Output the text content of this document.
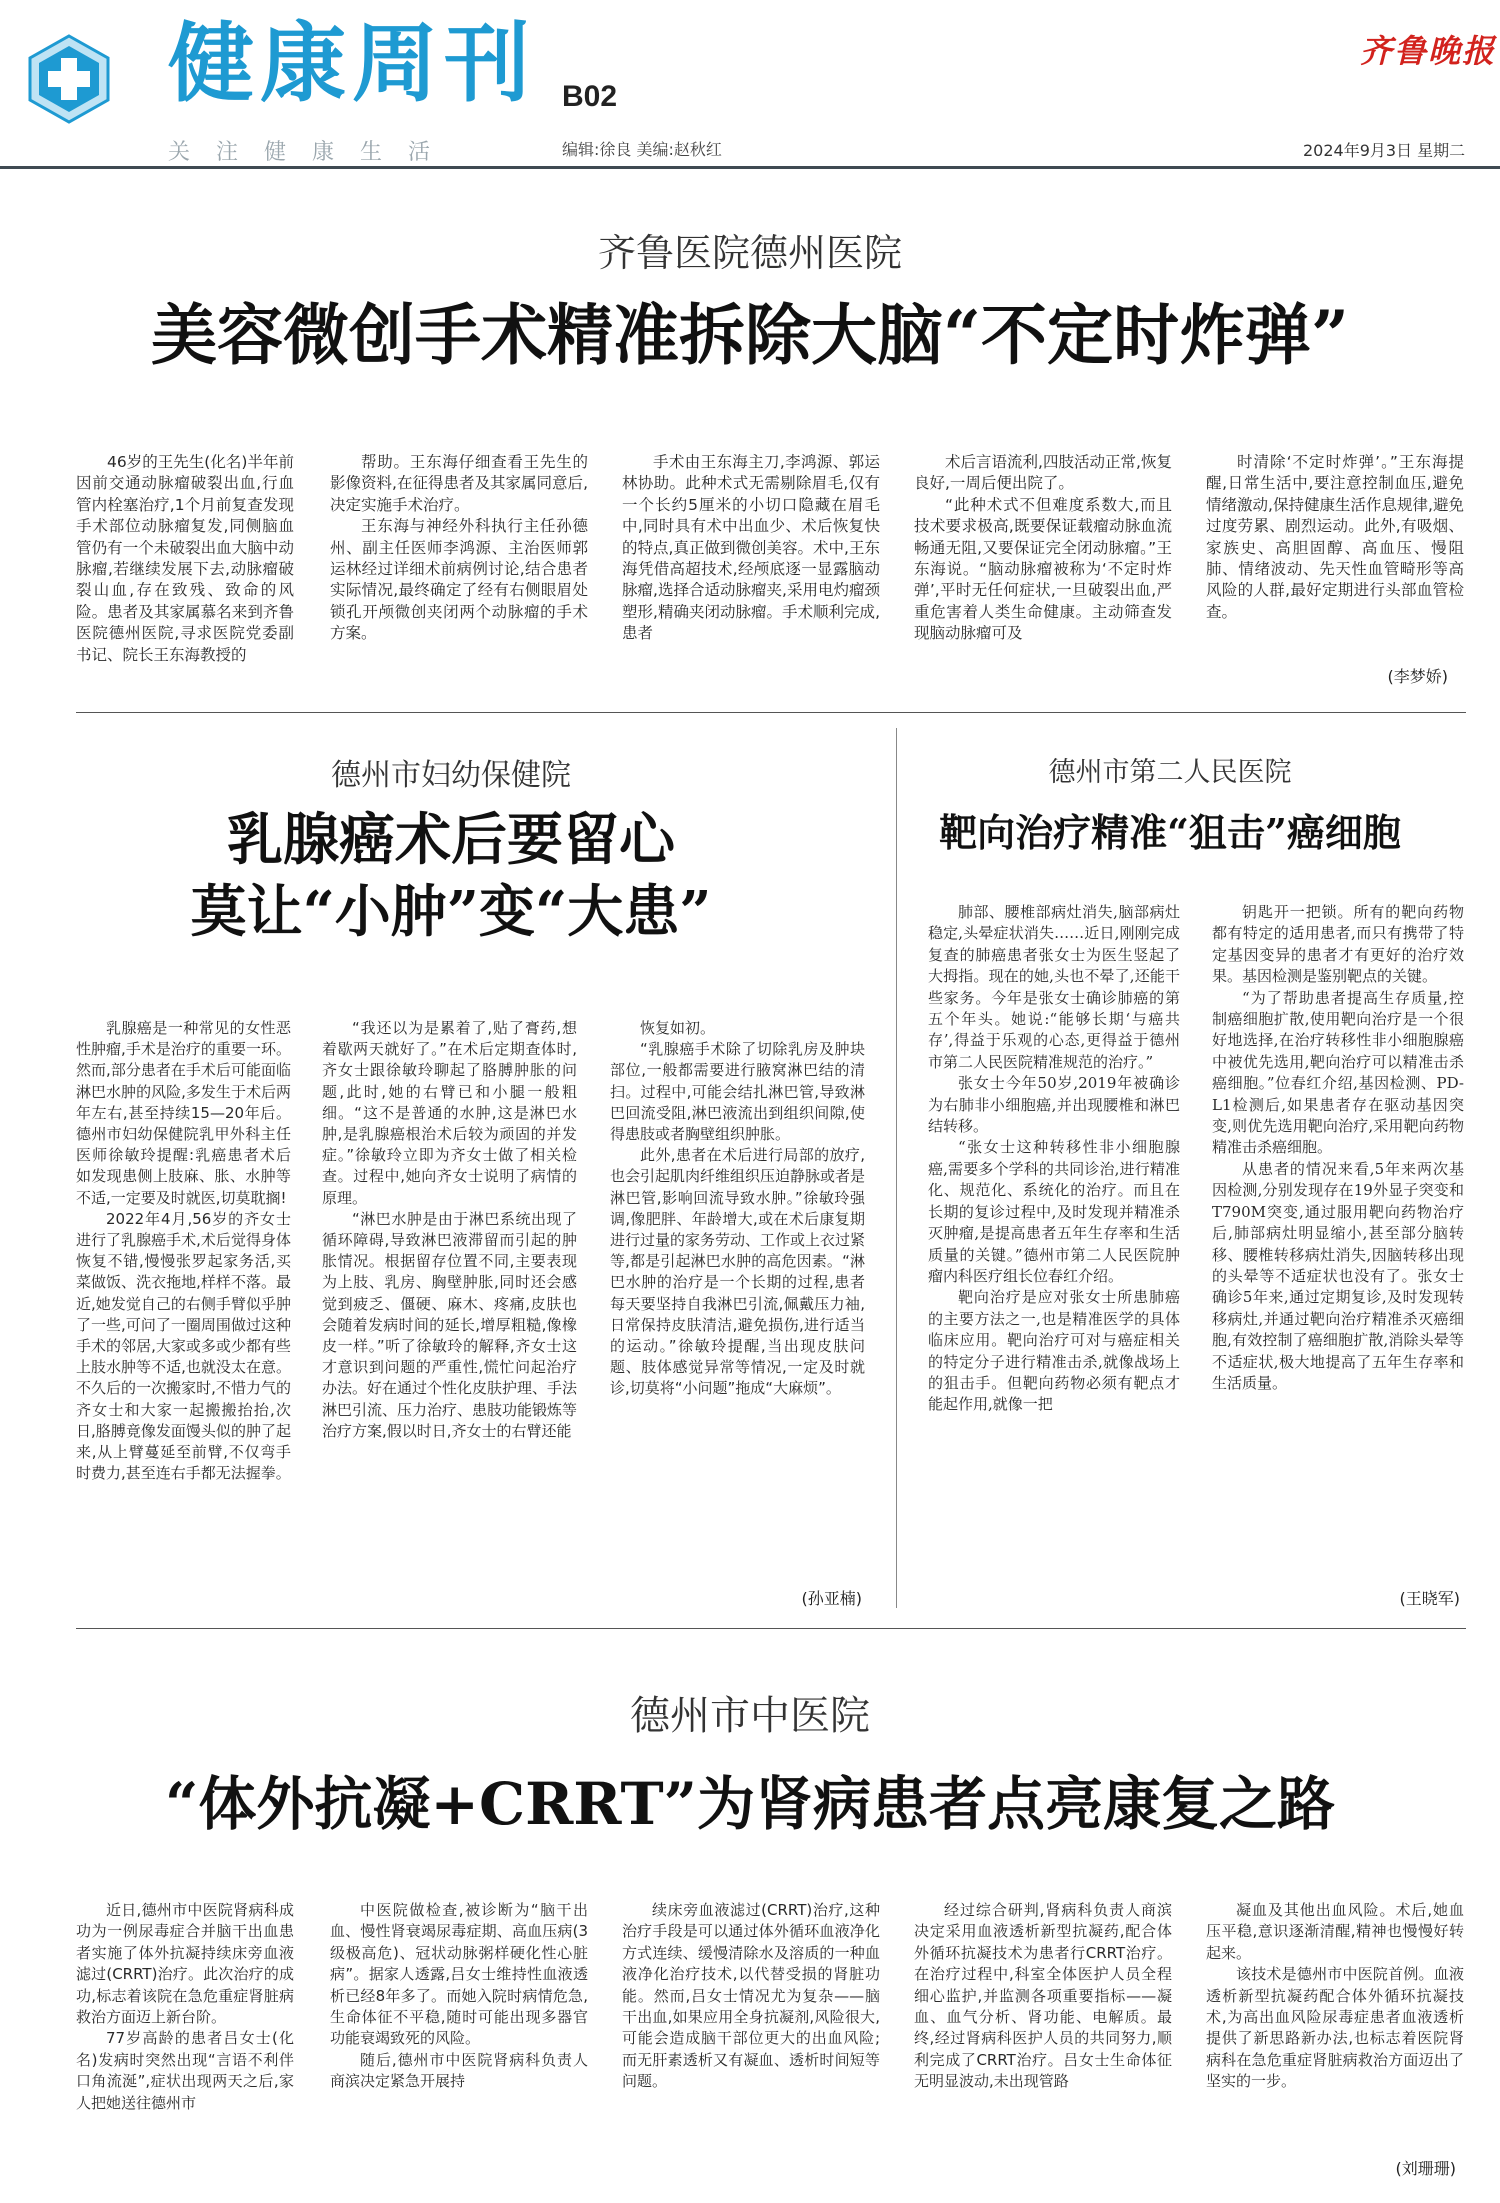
健康周刊 B02
关注健康生活	编辑:徐良 美编:赵秋红
齐鲁晚报
2024年9月3日 星期二
齐鲁医院德州医院
美容微创手术精准拆除大脑“不定时炸弹”

46岁的王先生(化名)半年前因前交通动脉瘤破裂出血,行血管内栓塞治疗,1个月前复查发现手术部位动脉瘤复发,同侧脑血管仍有一个未破裂出血大脑中动脉瘤,若继续发展下去,动脉瘤破裂山血,存在致残、致命的风险。患者及其家属慕名来到齐鲁医院德州医院,寻求医院党委副书记、院长王东海教授的

帮助。王东海仔细查看王先生的影像资料,在征得患者及其家属同意后,决定实施手术治疗。

王东海与神经外科执行主任孙德州、副主任医师李鸿源、主治医师郭运林经过详细术前病例讨论,结合患者实际情况,最终确定了经有右侧眼眉处锁孔开颅微创夹闭两个动脉瘤的手术方案。

手术由王东海主刀,李鸿源、郭运林协助。此种术式无需剔除眉毛,仅有一个长约5厘米的小切口隐藏在眉毛中,同时具有术中出血少、术后恢复快的特点,真正做到微创美容。术中,王东海凭借高超技术,经颅底逐一显露脑动脉瘤,选择合适动脉瘤夹,采用电灼瘤颈塑形,精确夹闭动脉瘤。手术顺利完成,患者

术后言语流利,四肢活动正常,恢复良好,一周后便出院了。

“此种术式不但难度系数大,而且技术要求极高,既要保证载瘤动脉血流畅通无阻,又要保证完全闭动脉瘤。”王东海说。“脑动脉瘤被称为‘不定时炸弹’,平时无任何症状,一旦破裂出血,严重危害着人类生命健康。主动筛查发现脑动脉瘤可及

时清除‘不定时炸弹’。”王东海提醒,日常生活中,要注意控制血压,避免情绪激动,保持健康生活作息规律,避免过度劳累、剧烈运动。此外,有吸烟、家族史、高胆固醇、高血压、慢阻肺、情绪波动、先天性血管畸形等高风险的人群,最好定期进行头部血管检查。

(李梦娇)
德州市妇幼保健院
乳腺癌术后要留心
莫让“小肿”变“大患”

乳腺癌是一种常见的女性恶性肿瘤,手术是治疗的重要一环。然而,部分患者在手术后可能面临淋巴水肿的风险,多发生于术后两年左右,甚至持续15—20年后。德州市妇幼保健院乳甲外科主任医师徐敏玲提醒:乳癌患者术后如发现患侧上肢麻、胀、水肿等不适,一定要及时就医,切莫耽搁!

2022年4月,56岁的齐女士进行了乳腺癌手术,术后觉得身体恢复不错,慢慢张罗起家务活,买菜做饭、洗衣拖地,样样不落。最近,她发觉自己的右侧手臂似乎肿了一些,可问了一圈周围做过这种手术的邻居,大家或多或少都有些上肢水肿等不适,也就没太在意。不久后的一次搬家时,不惜力气的齐女士和大家一起搬搬抬抬,次日,胳膊竟像发面馒头似的肿了起来,从上臂蔓延至前臂,不仅弯手时费力,甚至连右手都无法握拳。

“我还以为是累着了,贴了膏药,想着歇两天就好了。”在术后定期查体时,齐女士跟徐敏玲聊起了胳膊肿胀的问题,此时,她的右臂已和小腿一般粗细。“这不是普通的水肿,这是淋巴水肿,是乳腺癌根治术后较为顽固的并发症。”徐敏玲立即为齐女士做了相关检查。过程中,她向齐女士说明了病情的原理。

“淋巴水肿是由于淋巴系统出现了循环障碍,导致淋巴液滞留而引起的肿胀情况。根据留存位置不同,主要表现为上肢、乳房、胸壁肿胀,同时还会感觉到疲乏、僵硬、麻木、疼痛,皮肤也会随着发病时间的延长,增厚粗糙,像橡皮一样。”听了徐敏玲的解释,齐女士这才意识到问题的严重性,慌忙问起治疗办法。好在通过个性化皮肤护理、手法淋巴引流、压力治疗、患肢功能锻炼等治疗方案,假以时日,齐女士的右臂还能

恢复如初。

“乳腺癌手术除了切除乳房及肿块部位,一般都需要进行腋窝淋巴结的清扫。过程中,可能会结扎淋巴管,导致淋巴回流受阻,淋巴液流出到组织间隙,使得患肢或者胸壁组织肿胀。

此外,患者在术后进行局部的放疗,也会引起肌肉纤维组织压迫静脉或者是淋巴管,影响回流导致水肿。”徐敏玲强调,像肥胖、年龄增大,或在术后康复期进行过量的家务劳动、工作或上衣过紧等,都是引起淋巴水肿的高危因素。“淋巴水肿的治疗是一个长期的过程,患者每天要坚持自我淋巴引流,佩戴压力袖,日常保持皮肤清洁,避免损伤,进行适当的运动。”徐敏玲提醒,当出现皮肤问题、肢体感觉异常等情况,一定及时就诊,切莫将“小问题”拖成“大麻烦”。

(孙亚楠)
德州市第二人民医院
靶向治疗精准“狙击”癌细胞

肺部、腰椎部病灶消失,脑部病灶稳定,头晕症状消失……近日,刚刚完成复查的肺癌患者张女士为医生竖起了大拇指。现在的她,头也不晕了,还能干些家务。今年是张女士确诊肺癌的第五个年头。她说:“能够长期‘与癌共存’,得益于乐观的心态,更得益于德州市第二人民医院精准规范的治疗。”

张女士今年50岁,2019年被确诊为右肺非小细胞癌,并出现腰椎和淋巴结转移。

“张女士这种转移性非小细胞腺癌,需要多个学科的共同诊治,进行精准化、规范化、系统化的治疗。而且在长期的复诊过程中,及时发现并精准杀灭肿瘤,是提高患者五年生存率和生活质量的关键。”德州市第二人民医院肿瘤内科医疗组长位春红介绍。

靶向治疗是应对张女士所患肺癌的主要方法之一,也是精准医学的具体临床应用。靶向治疗可对与癌症相关的特定分子进行精准击杀,就像战场上的狙击手。但靶向药物必须有靶点才能起作用,就像一把

钥匙开一把锁。所有的靶向药物都有特定的适用患者,而只有携带了特定基因变异的患者才有更好的治疗效果。基因检测是鉴别靶点的关键。

“为了帮助患者提高生存质量,控制癌细胞扩散,使用靶向治疗是一个很好地选择,在治疗转移性非小细胞腺癌中被优先选用,靶向治疗可以精准击杀癌细胞。”位春红介绍,基因检测、PD-L1检测后,如果患者存在驱动基因突变,则优先选用靶向治疗,采用靶向药物精准击杀癌细胞。

从患者的情况来看,5年来两次基因检测,分别发现存在19外显子突变和T790M突变,通过服用靶向药物治疗后,肺部病灶明显缩小,甚至部分脑转移、腰椎转移病灶消失,因脑转移出现的头晕等不适症状也没有了。张女士确诊5年来,通过定期复诊,及时发现转移病灶,并通过靶向治疗精准杀灭癌细胞,有效控制了癌细胞扩散,消除头晕等不适症状,极大地提高了五年生存率和生活质量。

(王晓军)
德州市中医院
“体外抗凝+CRRT”为肾病患者点亮康复之路

近日,德州市中医院肾病科成功为一例尿毒症合并脑干出血患者实施了体外抗凝持续床旁血液滤过(CRRT)治疗。此次治疗的成功,标志着该院在急危重症肾脏病救治方面迈上新台阶。

77岁高龄的患者吕女士(化名)发病时突然出现“言语不利伴口角流涎”,症状出现两天之后,家人把她送往德州市

中医院做检查,被诊断为“脑干出血、慢性肾衰竭尿毒症期、高血压病(3级极高危)、冠状动脉粥样硬化性心脏病”。据家人透露,吕女士维持性血液透析已经8年多了。而她入院时病情危急,生命体征不平稳,随时可能出现多器官功能衰竭致死的风险。

随后,德州市中医院肾病科负责人商滨决定紧急开展持

续床旁血液滤过(CRRT)治疗,这种治疗手段是可以通过体外循环血液净化方式连续、缓慢清除水及溶质的一种血液净化治疗技术,以代替受损的肾脏功能。然而,吕女士情况尤为复杂——脑干出血,如果应用全身抗凝剂,风险很大,可能会造成脑干部位更大的出血风险;而无肝素透析又有凝血、透析时间短等问题。

经过综合研判,肾病科负责人商滨决定采用血液透析新型抗凝药,配合体外循环抗凝技术为患者行CRRT治疗。在治疗过程中,科室全体医护人员全程细心监护,并监测各项重要指标——凝血、血气分析、肾功能、电解质。最终,经过肾病科医护人员的共同努力,顺利完成了CRRT治疗。吕女士生命体征无明显波动,未出现管路

凝血及其他出血风险。术后,她血压平稳,意识逐渐清醒,精神也慢慢好转起来。

该技术是德州市中医院首例。血液透析新型抗凝药配合体外循环抗凝技术,为高出血风险尿毒症患者血液透析提供了新思路新办法,也标志着医院肾病科在急危重症肾脏病救治方面迈出了坚实的一步。

(刘珊珊)
